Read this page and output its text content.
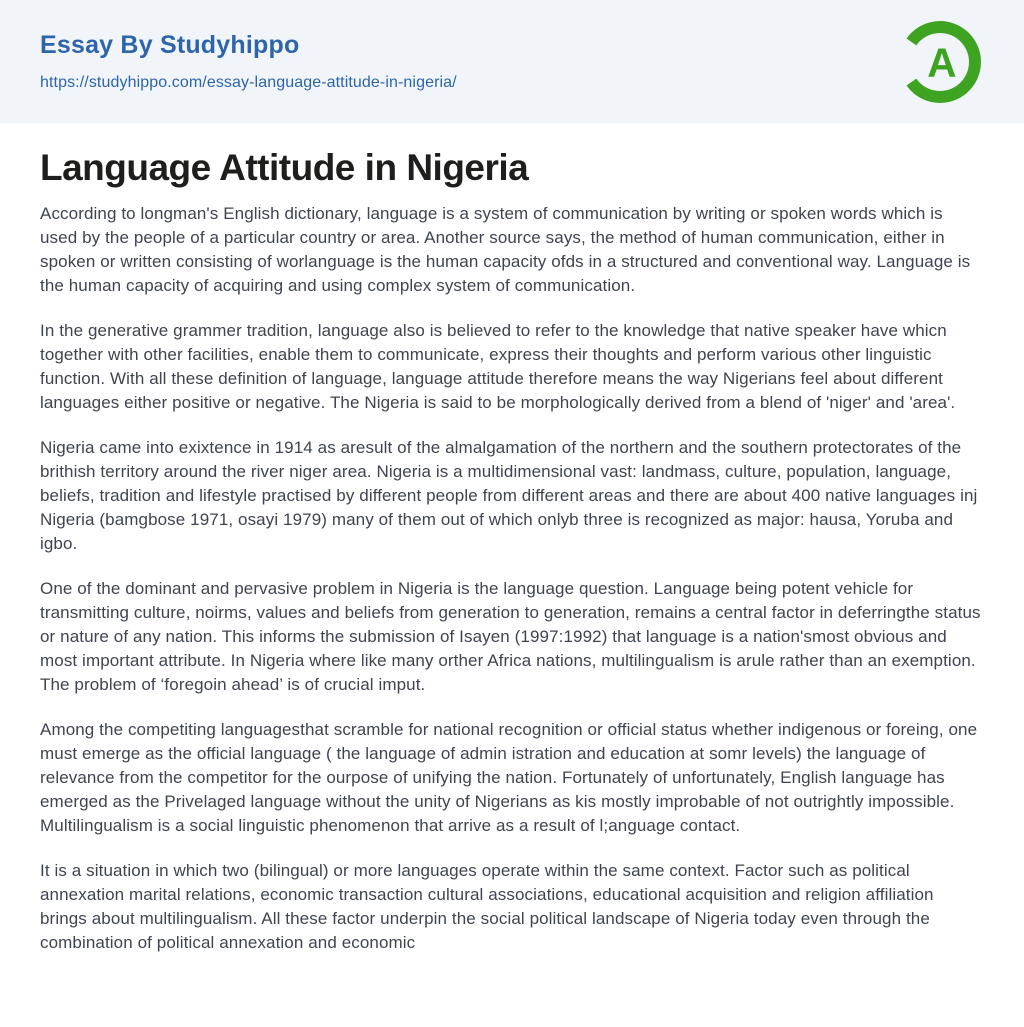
Essay By Studyhippo
https://studyhippo.com/essay-language-attitude-in-nigeria/	A
Language Attitude in Nigeria

According to longman's English dictionary, language is a system of communication by writing or spoken words which is used by the people of a particular country or area. Another source says, the method of human communication, either in spoken or written consisting of worlanguage is the human capacity ofds in a structured and conventional way. Language is the human capacity of acquiring and using complex system of communication.

In the generative grammer tradition, language also is believed to refer to the knowledge that native speaker have whicn together with other facilities, enable them to communicate, express their thoughts and perform various other linguistic function. With all these definition of language, language attitude therefore means the way Nigerians feel about different languages either positive or negative. The Nigeria is said to be morphologically derived from a blend of 'niger' and 'area'.

Nigeria came into exixtence in 1914 as aresult of the almalgamation of the northern and the southern protectorates of the brithish territory around the river niger area. Nigeria is a multidimensional vast: landmass, culture, population, language, beliefs, tradition and lifestyle practised by different people from different areas and there are about 400 native languages inj Nigeria (bamgbose 1971, osayi 1979) many of them out of which onlyb three is recognized as major: hausa, Yoruba and igbo.

One of the dominant and pervasive problem in Nigeria is the language question. Language being potent vehicle for transmitting culture, noirms, values and beliefs from generation to generation, remains a central factor in deferringthe status or nature of any nation. This informs the submission of Isayen (1997:1992) that language is a nation'smost obvious and most important attribute. In Nigeria where like many orther Africa nations, multilingualism is arule rather than an exemption. The problem of ‘foregoin ahead’ is of crucial imput.

Among the competiting languagesthat scramble for national recognition or official status whether indigenous or foreing, one must emerge as the official language ( the language of admin istration and education at somr levels) the language of relevance from the competitor for the ourpose of unifying the nation. Fortunately of unfortunately, English language has emerged as the Privelaged language without the unity of Nigerians as kis mostly improbable of not outrightly impossible. Multilingualism is a social linguistic phenomenon that arrive as a result of l;anguage contact.

It is a situation in which two (bilingual) or more languages operate within the same context. Factor such as political annexation marital relations, economic transaction cultural associations, educational acquisition and religion affiliation brings about multilingualism. All these factor underpin the social political landscape of Nigeria today even through the combination of political annexation and economic
